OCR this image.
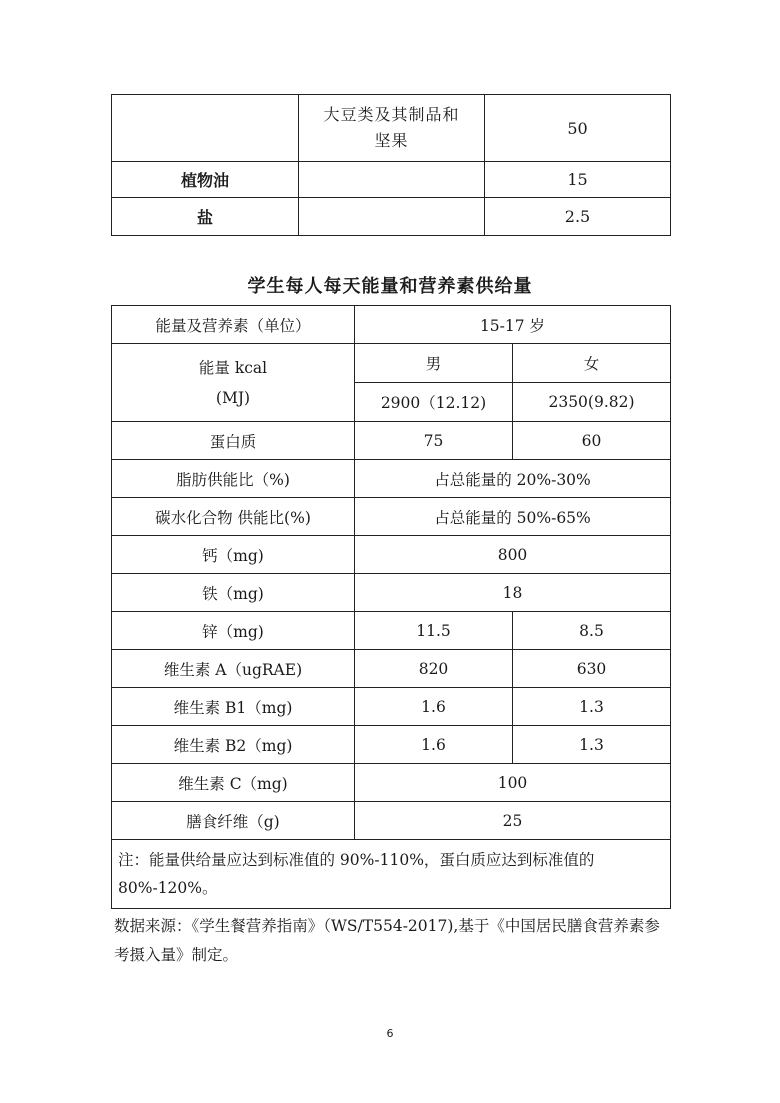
	大豆类及其制品和坚果	50
植物油		15
盐		2.5
学生每人每天能量和营养素供给量
能量及营养素（单位）	15-17 岁	
能量 kcal
(MJ)	男	女
	2900（12.12)	2350(9.82)
蛋白质	75	60
脂肪供能比（%)	占总能量的 20%-30%	
碳水化合物 供能比(%)	占总能量的 50%-65%	
钙（mg)	800	
铁（mg)	18	
锌（mg)	11.5	8.5
维生素 A（ugRAE)	820	630
维生素 B1（mg)	1.6	1.3
维生素 B2（mg)	1.6	1.3
维生素 C（mg)	100	
膳食纤维（g)	25	
注：能量供给量应达到标准值的 90%-110%，蛋白质应达到标准值的 80%-120%。		
数据来源：《学生餐营养指南》（WS/T554-2017),基于《中国居民膳食营养素参考摄入量》制定。
6
